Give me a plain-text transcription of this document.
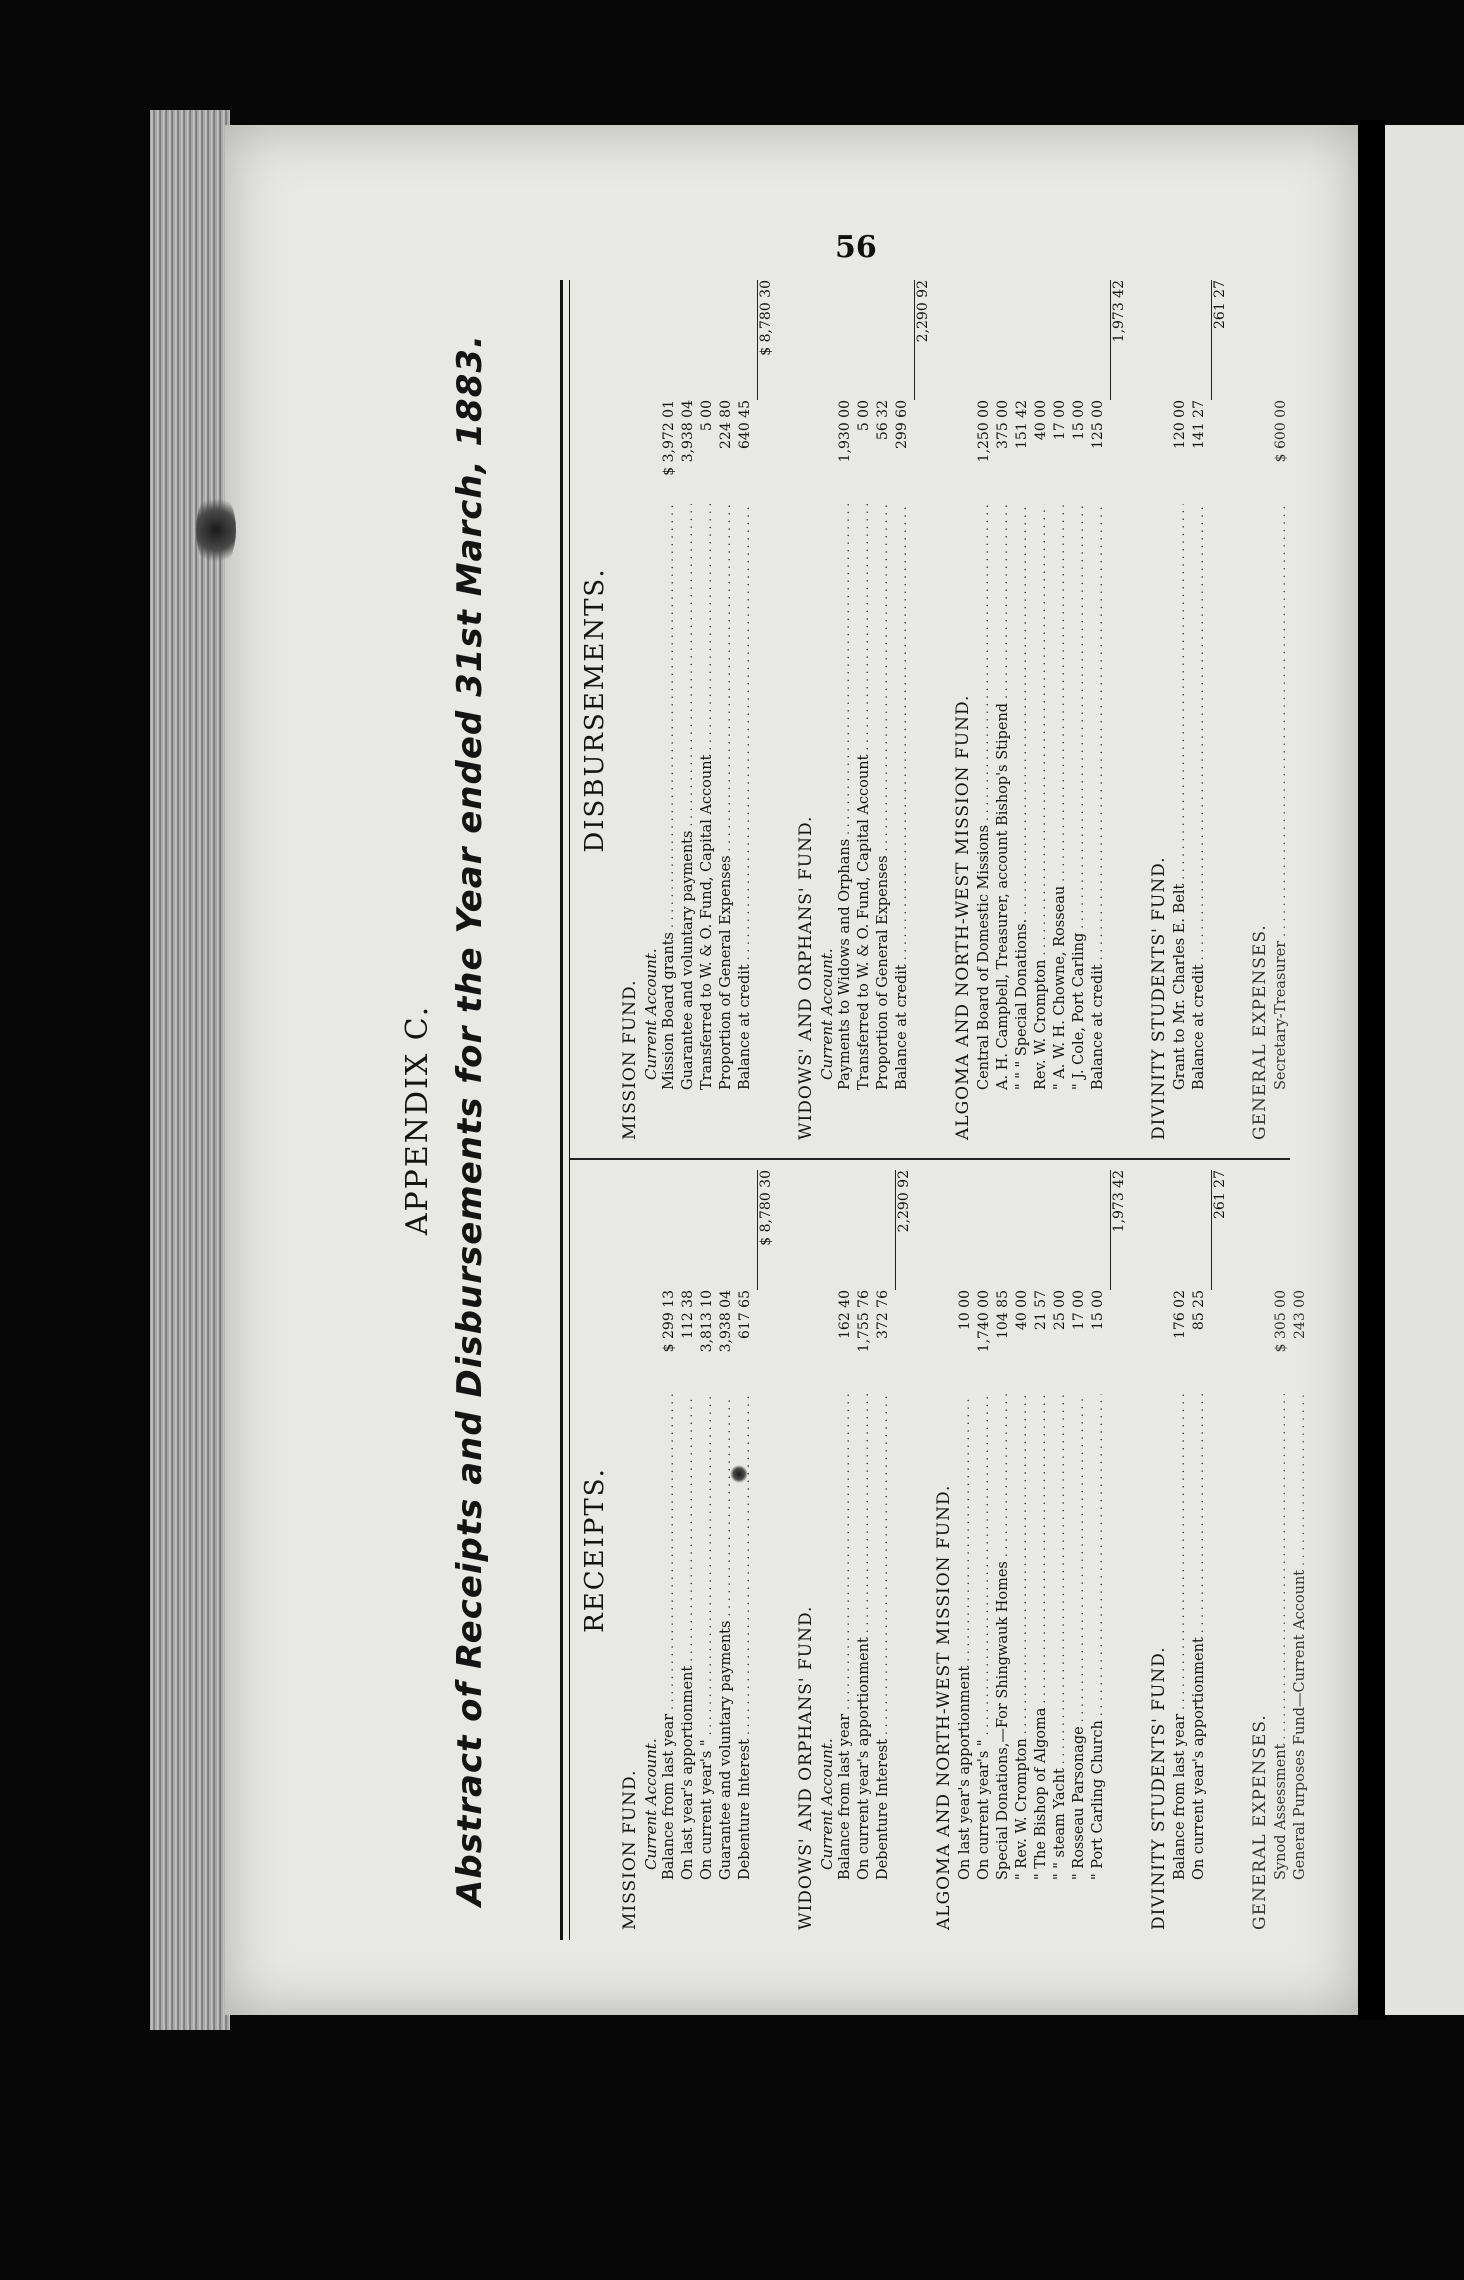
56
APPENDIX C. Abstract of Receipts and Disbursements for the Year ended 31st March, 1883.	RECEIPTS.
MISSION FUND. Current Account. Balance from last year
. . .
$ 299 13
On last year's apportionment
. . .
112 38
On current year's "
. . .
3,813 10
Guarantee and voluntary payments
. . .
3,938 04
Debenture Interest
. . .
617 65
$ 8,780 30
WIDOWS' AND ORPHANS' FUND. Current Account. Balance from last year
. . .
162 40
On current year's apportionment
. . .
1,755 76
Debenture Interest
. . .
372 76
2,290 92
ALGOMA AND NORTH-WEST MISSION FUND. On last year's apportionment
. . .
10 00
On current year's "
. . .
1,740 00
Special Donations,—For Shingwauk Homes
. . .
104 85
" Rev. W. Crompton
. . .
40 00
" The Bishop of Algoma
. . .
21 57
" " steam Yacht
. . .
25 00
" Rosseau Parsonage
. . .
17 00
" Port Carling Church
. . .
15 00
1,973 42
DIVINITY STUDENTS' FUND. Balance from last year
. . .
176 02
On current year's apportionment
. . .
85 25
261 27
GENERAL EXPENSES. Synod Assessment
. . .
$ 305 00
General Purposes Fund—Current Account
. . .
243 00
DISBURSEMENTS.
MISSION FUND. Current Account. Mission Board grants
. . .
$ 3,972 01
Guarantee and voluntary payments
. . .
3,938 04
Transferred to W. & O. Fund, Capital Account
. . .
5 00
Proportion of General Expenses
. . .
224 80
Balance at credit
. . .
640 45
$ 8,780 30
WIDOWS' AND ORPHANS' FUND. Current Account. Payments to Widows and Orphans
. . .
1,930 00
Transferred to W. & O. Fund, Capital Account
. . .
5 00
Proportion of General Expenses
. . .
56 32
Balance at credit
. . .
299 60
2,290 92
ALGOMA AND NORTH-WEST MISSION FUND. Central Board of Domestic Missions
. . .
1,250 00
A. H. Campbell, Treasurer, account Bishop's Stipend
. . .
375 00
" " " Special Donations.
. . .
151 42
Rev. W. Crompton
. . .
40 00
" A. W. H. Chowne, Rosseau
. . .
17 00
" J. Cole, Port Carling
. . .
15 00
Balance at credit
. . .
125 00
1,973 42
DIVINITY STUDENTS' FUND. Grant to Mr. Charles E. Belt
. . .
120 00
Balance at credit
. . .
141 27
261 27
GENERAL EXPENSES. Secretary-Treasurer
. . .
$ 600 00
